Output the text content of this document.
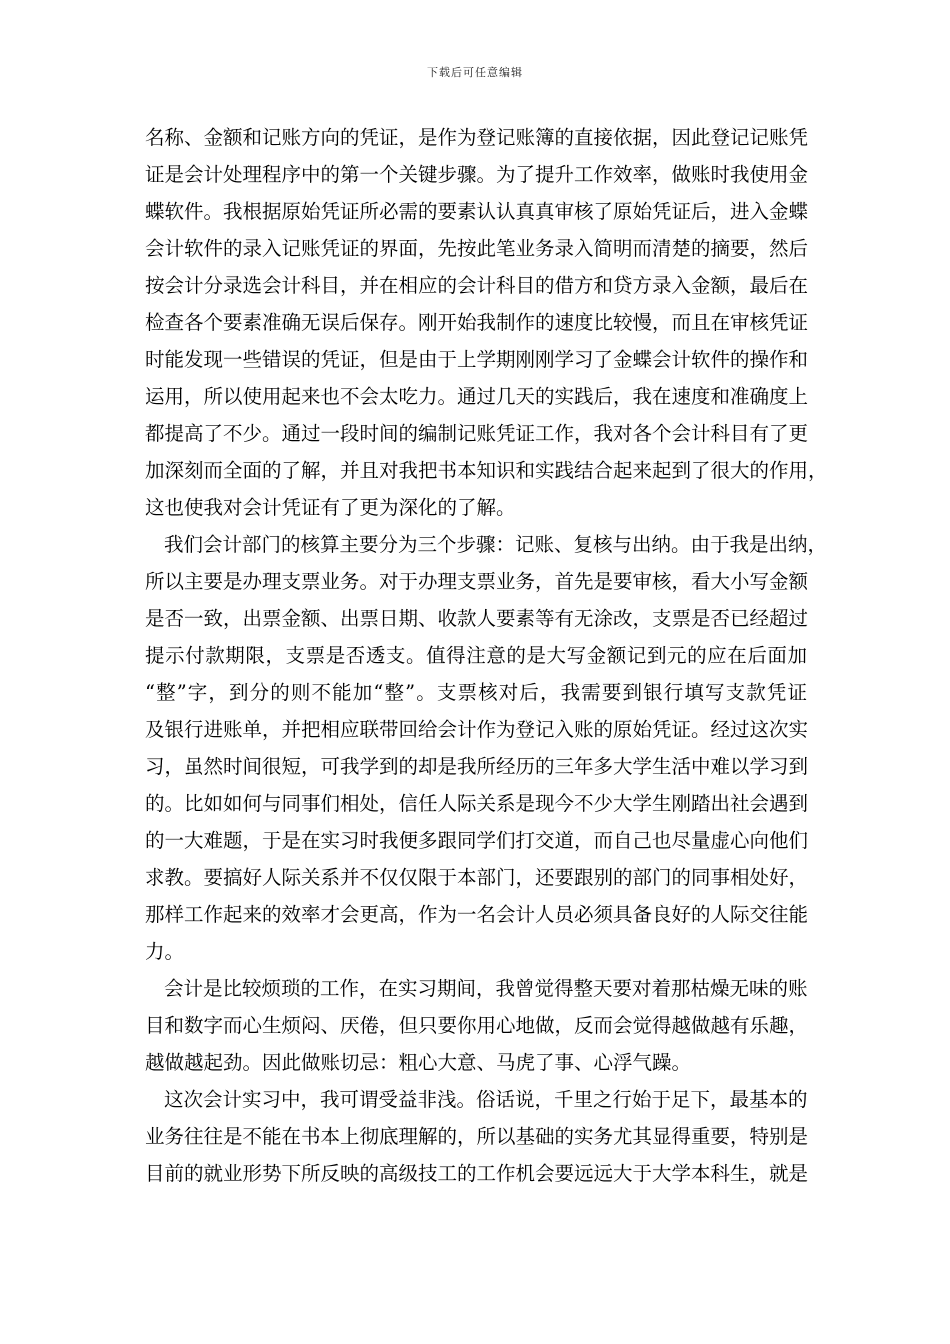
下载后可任意编辑
名称、金额和记账方向的凭证，是作为登记账簿的直接依据，因此登记记账凭
证是会计处理程序中的第一个关键步骤。为了提升工作效率，做账时我使用金
蝶软件。我根据原始凭证所必需的要素认认真真审核了原始凭证后，进入金蝶
会计软件的录入记账凭证的界面，先按此笔业务录入简明而清楚的摘要，然后
按会计分录选会计科目，并在相应的会计科目的借方和贷方录入金额，最后在
检查各个要素准确无误后保存。刚开始我制作的速度比较慢，而且在审核凭证
时能发现一些错误的凭证，但是由于上学期刚刚学习了金蝶会计软件的操作和
运用，所以使用起来也不会太吃力。通过几天的实践后，我在速度和准确度上
都提高了不少。通过一段时间的编制记账凭证工作，我对各个会计科目有了更
加深刻而全面的了解，并且对我把书本知识和实践结合起来起到了很大的作用，
这也使我对会计凭证有了更为深化的了解。
我们会计部门的核算主要分为三个步骤：记账、复核与出纳。由于我是出纳，
所以主要是办理支票业务。对于办理支票业务，首先是要审核，看大小写金额
是否一致，出票金额、出票日期、收款人要素等有无涂改，支票是否已经超过
提示付款期限，支票是否透支。值得注意的是大写金额记到元的应在后面加
“整”字，到分的则不能加“整”。支票核对后，我需要到银行填写支款凭证
及银行进账单，并把相应联带回给会计作为登记入账的原始凭证。经过这次实
习，虽然时间很短，可我学到的却是我所经历的三年多大学生活中难以学习到
的。比如如何与同事们相处，信任人际关系是现今不少大学生刚踏出社会遇到
的一大难题，于是在实习时我便多跟同学们打交道，而自己也尽量虚心向他们
求教。要搞好人际关系并不仅仅限于本部门，还要跟别的部门的同事相处好，
那样工作起来的效率才会更高，作为一名会计人员必须具备良好的人际交往能
力。
会计是比较烦琐的工作，在实习期间，我曾觉得整天要对着那枯燥无味的账
目和数字而心生烦闷、厌倦，但只要你用心地做，反而会觉得越做越有乐趣，
越做越起劲。因此做账切忌：粗心大意、马虎了事、心浮气躁。
这次会计实习中，我可谓受益非浅。俗话说，千里之行始于足下，最基本的
业务往往是不能在书本上彻底理解的，所以基础的实务尤其显得重要，特别是
目前的就业形势下所反映的高级技工的工作机会要远远大于大学本科生，就是
